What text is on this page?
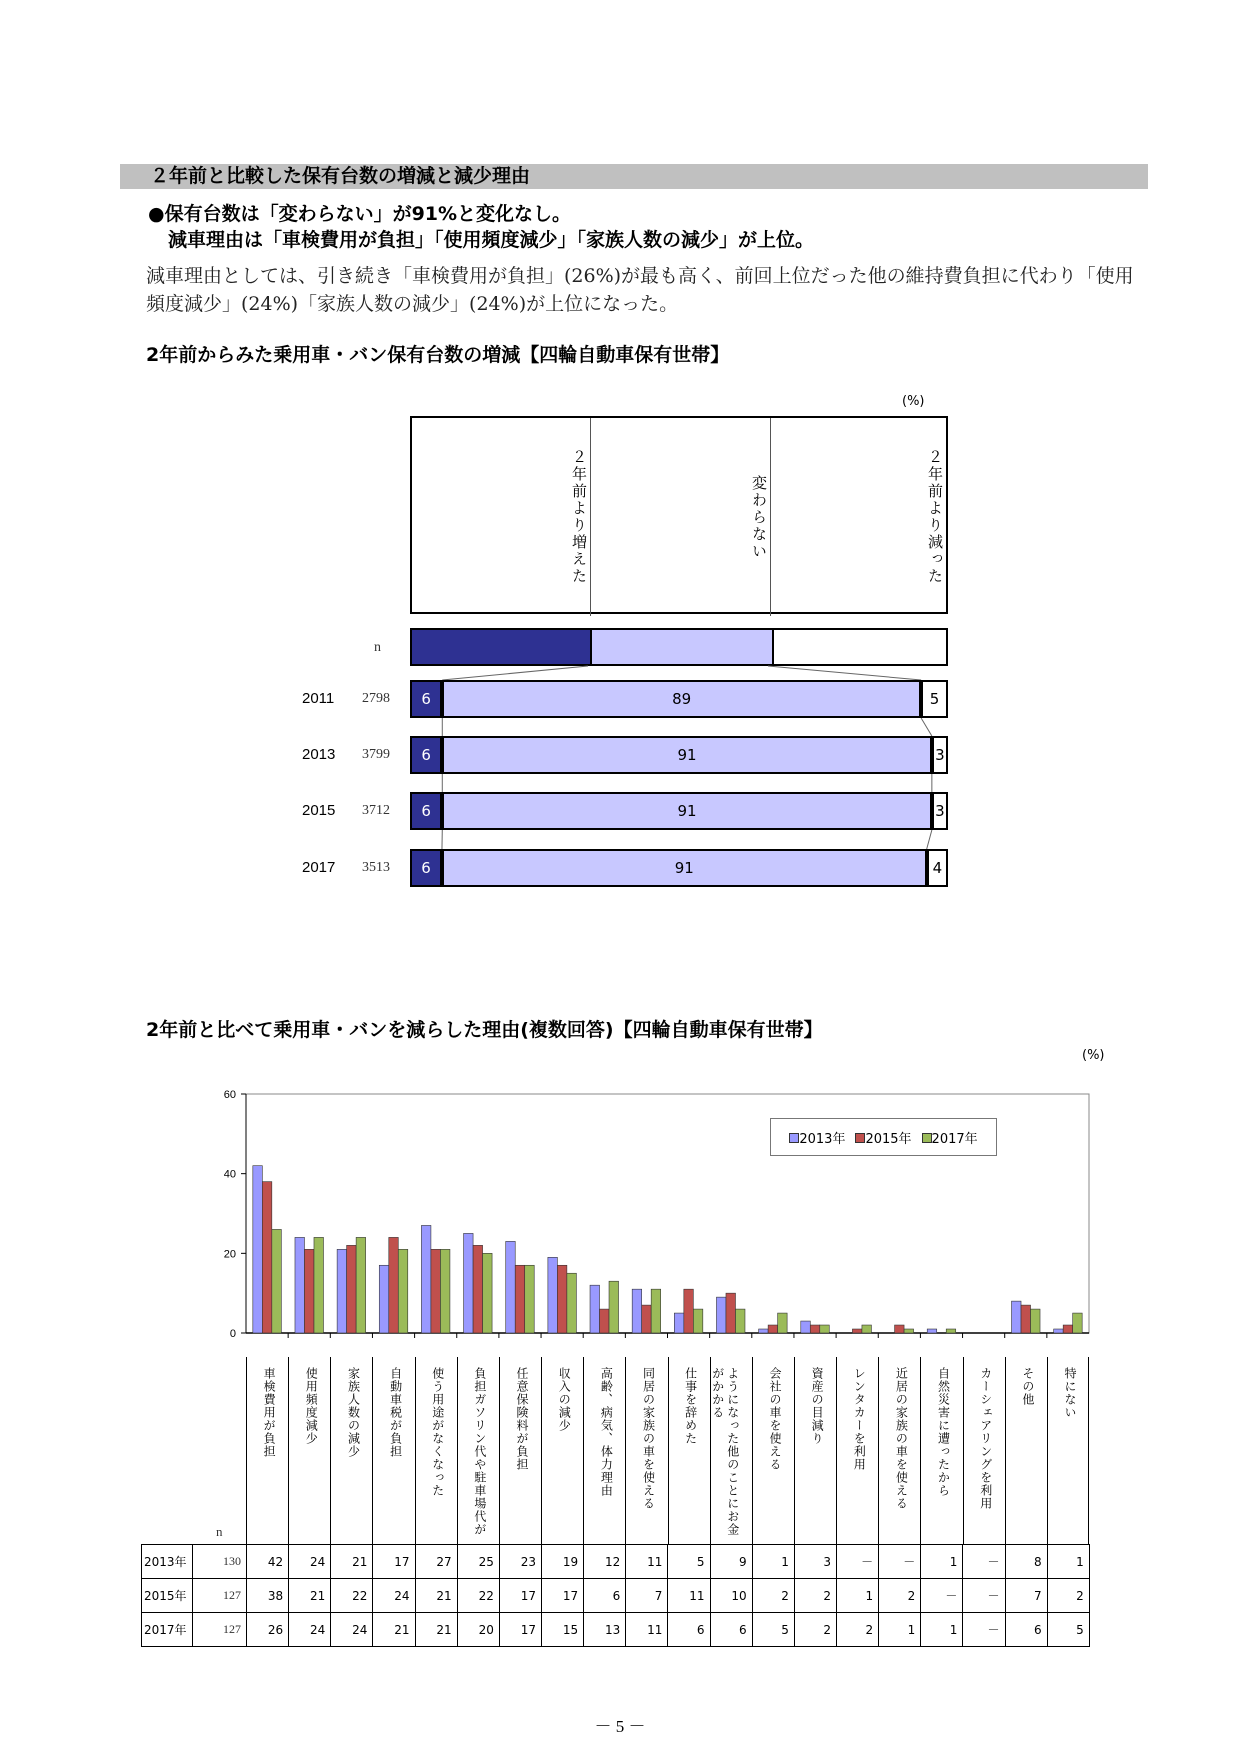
２年前と比較した保有台数の増減と減少理由
●保有台数は「変わらない」が91%と変化なし。
減車理由は「車検費用が負担」「使用頻度減少」「家族人数の減少」が上位。
減車理由としては、引き続き「車検費用が負担」(26%)が最も高く、前回上位だった他の維持費負担に代わり「使用頻度減少」(24%)「家族人数の減少」(24%)が上位になった。
2年前からみた乗用車・バン保有台数の増減【四輪自動車保有世帯】
(%)
２年前より増えた	変わらない	２年前より減った
n
2011 2798	6	89	5
2013 3799	6	91	3
2015 3712	6	91	3
2017 3513	6	91	4
2年前と比べて乗用車・バンを減らした理由(複数回答)【四輪自動車保有世帯】
(%)
0
20
40
60
2013年	2015年	2017年
車検費用が負担 使用頻度減少 家族人数の減少 自動車税が負担 使う用途がなくなった 負担ガソリン代や駐車場代が 任意保険料が負担 収入の減少 高齢、病気、体力理由 同居の家族の車を使える 仕事を辞めた	ようになった他のことにお金がかかる	会社の車を使える 資産の目減り レンタカーを利用 近居の家族の車を使える 自然災害に遭ったから カーシェアリングを利用 その他 特にない
n
2013年	130	42	24	21	17	27	25	23	19	12	11	5	9	1	3	－	－	1	－	8	1
2015年	127	38	21	22	24	21	22	17	17	6	7	11	10	2	2	1	2	－	－	7	2
2017年	127	26	24	24	21	21	20	17	15	13	11	6	6	5	2	2	1	1	－	6	5
－ 5 －
